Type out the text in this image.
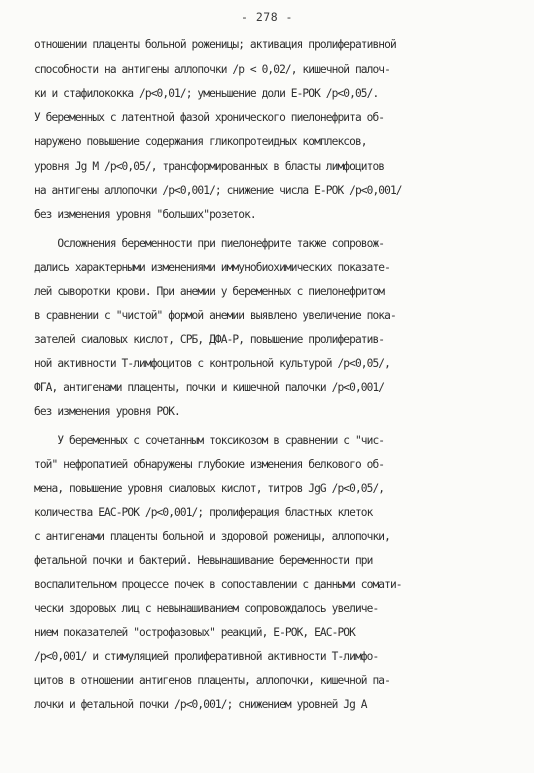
- 278 -
отношении плаценты больной роженицы; активация пролиферативной
способности на антигены аллопочки /р < 0,02/, кишечной палоч-
ки и стафилококка /р<0,01/; уменьшение доли Е-РОК /р<0,05/.
У беременных с латентной фазой хронического пиелонефрита об-
наружено повышение содержания гликопротеидных комплексов,
уровня Jg M /р<0,05/, трансформированных в бласты лимфоцитов
на антигены аллопочки /р<0,001/; снижение числа Е-РОК /р<0,001/
без изменения уровня "больших"розеток.
Осложнения беременности при пиелонефрите также сопровож-
дались характерными изменениями иммунобиохимических показате-
лей сыворотки крови. При анемии у беременных с пиелонефритом
в сравнении с "чистой" формой анемии выявлено увеличение пока-
зателей сиаловых кислот, СРБ, ДФА-Р, повышение пролифератив-
ной активности Т-лимфоцитов с контрольной культурой /р<0,05/,
ФГА, антигенами плаценты, почки и кишечной палочки /р<0,001/
без изменения уровня РОК.
У беременных с сочетанным токсикозом в сравнении с "чис-
той" нефропатией обнаружены глубокие изменения белкового об-
мена, повышение уровня сиаловых кислот, титров JgG /р<0,05/,
количества ЕАС-РОК /р<0,001/; пролиферация бластных клеток
с антигенами плаценты больной и здоровой роженицы, аллопочки,
фетальной почки и бактерий. Невынашивание беременности при
воспалительном процессе почек в сопоставлении с данными сомати-
чески здоровых лиц с невынашиванием сопровождалось увеличе-
нием показателей "острофазовых" реакций, Е-РОК, ЕАС-РОК
/р<0,001/ и стимуляцией пролиферативной активности Т-лимфо-
цитов в отношении антигенов плаценты, аллопочки, кишечной па-
лочки и фетальной почки /р<0,001/; снижением уровней Jg А
